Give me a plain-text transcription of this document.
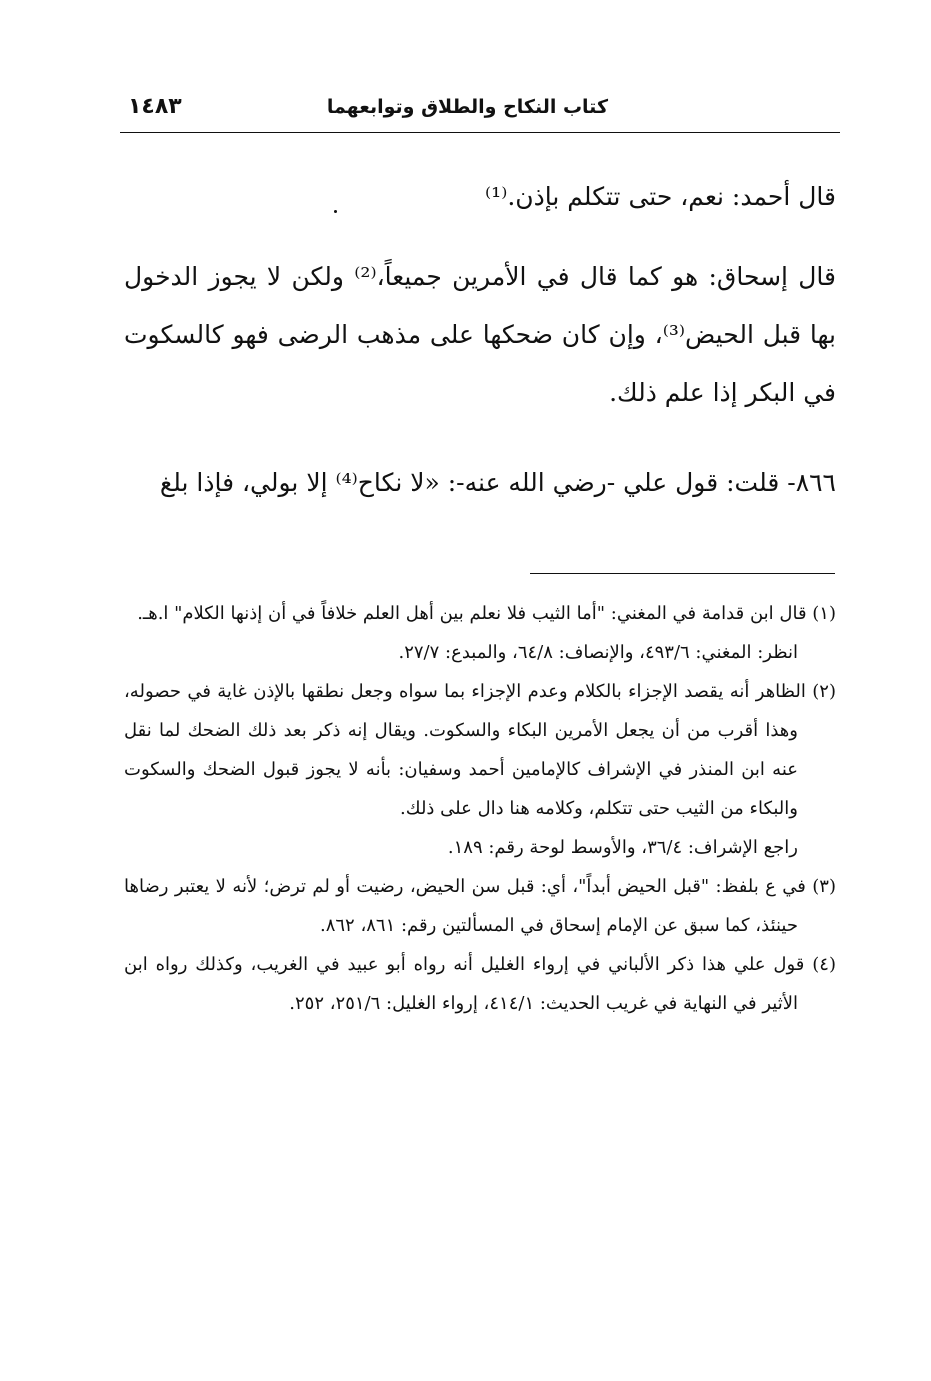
كتاب النكاح والطلاق وتوابعهما
١٤٨٣

قال أحمد: نعم، حتى تتكلم بإذن.⁽¹⁾

قال إسحاق: هو كما قال في الأمرين جميعاً،⁽²⁾ ولكن لا يجوز الدخول بها قبل الحيض⁽³⁾، وإن كان ضحكها على مذهب الرضى فهو كالسكوت في البكر إذا علم ذلك.

٨٦٦- قلت: قول علي -رضي الله عنه-: «لا نكاح⁽⁴⁾ إلا بولي، فإذا بلغ

(١) قال ابن قدامة في المغني: "أما الثيب فلا نعلم بين أهل العلم خلافاً في أن إذنها الكلام" ا.هـ.

انظر: المغني: ٤٩٣/٦، والإنصاف: ٦٤/٨، والمبدع: ٢٧/٧.

(٢) الظاهر أنه يقصد الإجزاء بالكلام وعدم الإجزاء بما سواه وجعل نطقها بالإذن غاية في حصوله، وهذا أقرب من أن يجعل الأمرين البكاء والسكوت. ويقال إنه ذكر بعد ذلك الضحك لما نقل عنه ابن المنذر في الإشراف كالإمامين أحمد وسفيان: بأنه لا يجوز قبول الضحك والسكوت والبكاء من الثيب حتى تتكلم، وكلامه هنا دال على ذلك.

راجع الإشراف: ٣٦/٤، والأوسط لوحة رقم: ١٨٩.

(٣) في ع بلفظ: "قبل الحيض أبداً"، أي: قبل سن الحيض، رضيت أو لم ترض؛ لأنه لا يعتبر رضاها حينئذ، كما سبق عن الإمام إسحاق في المسألتين رقم: ٨٦١، ٨٦٢.

(٤) قول علي هذا ذكر الألباني في إرواء الغليل أنه رواه أبو عبيد في الغريب، وكذلك رواه ابن الأثير في النهاية في غريب الحديث: ٤١٤/١، إرواء الغليل: ٢٥١/٦، ٢٥٢.
